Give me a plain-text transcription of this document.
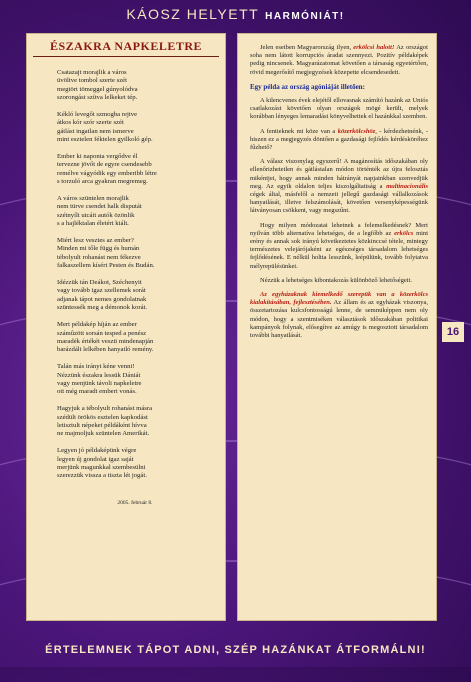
KÁOSZ HELYETT HARMÓNIÁT!
ÉSZAKRA NAPKELETRE
Csatazajt morajlik a város
üvöltve tombol szerte szét
megtört tömeggel gúnyolódva
szorongást szítva lelkeket tép.
Kékló levegőt szmogba rejtve
átkos kór szór szerte szét
gátlást ingatlan nem ismerve
mint esztelen féktelen gyilkoló gép.
Ember ki naponta vergődve él
tervezne jövőt de egyre csendesebb
remélve vágyódik egy emberibb létre
s torzuló arca gyakran megremeg.
A város szüntelen morajlik
nem türve csendet halk disputát
szétnyílt utcáit autók özönlik
s a hajléktalan életért kiált.
Miért lesz vesztes az ember?
Minden mi tőle függ és humán
tébolyult rohanást nem fékezve
falkaszellem kísért Pesten és Budán.
Idézzük tán Deákot, Széchenyit
vagy tovább igaz szellemek sorát
adjanak tápot nemes gondolatnak
szüntessék meg a démonok korát.
Mert példakép híján az ember
számûzött sorsán tesped a penész
maradék értékét veszti mindenapján
barázdált lelkében hanyatló remény.
Talán más irányt kéne venni!
Nézzünk északra lessük Dániát
vagy menjünk távoli napkeletre
ott még maradt emberi vonás.
Hagyjuk a tébolyult rohanást másra
szédült örökös esztelen kapkodást
letisztult népeket példáként hívva
ne majmoljuk szüntelen Amerikát.
Legyen jó példaképünk végre
legyen új gondolat igaz saját
merjünk magunkkal szembesülni
szerezzük vissza a tiszta lét jogát.
2005. február 8.

Jelen esetben Magyarország ilyen, erkölcsi halott! Az országot soha nem látott korrupciós áradat szennyezi. Pozitív példaképek pedig nincsenek. Magyarázatomat követően a társaság egyetértően, rövid megerősítő megjegyzések közepette elcsendesedett.

Egy példa az ország agóniáját illetően:

A kilencvenes évek elejétől ellovasnak számító hazánk az Uniós csatlakozást követően olyan országok mögé került, melyek korábban lényeges lemaradást könyvelhettek el hazánkkal szemben.

A fentieknek mi köze van a közerkölcshöz, - kérdezhetnénk, - hiszen ez a megjegyzés döntően a gazdasági fejlődés kérdésköréhez fűzhető?

A válasz viszonylag egyszerű! A magánosítás időszakában oly ellenőrizhetetlen és gátlástalan módon történték az újra felosztás mikéntjei, hogy annak minden hátrányát napjainkban szenvedjük meg. Az egyik oldalon teljes kiszolgáltattság a multinacionális cégek által, másfelől a nemzeti jellegű gazdasági vállalkozások hanyatlását, illetve felszámolását, követően versenyképességünk látványosan csökkent, vagy megszűnt.

Hogy milyen módozatai lehetnek a felemelkedésnek? Mert nyilván több alternatíva lehetséges, de a legfőbb az erkölcs mint erény és annak sok irányú következtetes közkinccsé tétele, mintegy természetes velejárójaként az egészséges társadalom lehetséges fejlődésének. E nélkül holtta lesszünk, leépülünk, tovább folytatva mélyrepülésünket.

Nézzük a lehetséges kibontakozás különböző lehetőségeit.

Az egyházaknak kiemelkedő szerepük van a közerkölcs kialakításában, fejlesztésében. Az állam és az egyházak viszonya, összetartozása kulcsfontosságú lenne, de semmiképpen nem oly módon, hogy a szentmiséken választások időszakában politikai kampányok folynak, elősegítve az amúgy is megosztott társadalom további hanyatlását.	16
ÉRTELEMNEK TÁPOT ADNI, SZÉP HAZÁNKAT ÁTFORMÁLNI!
